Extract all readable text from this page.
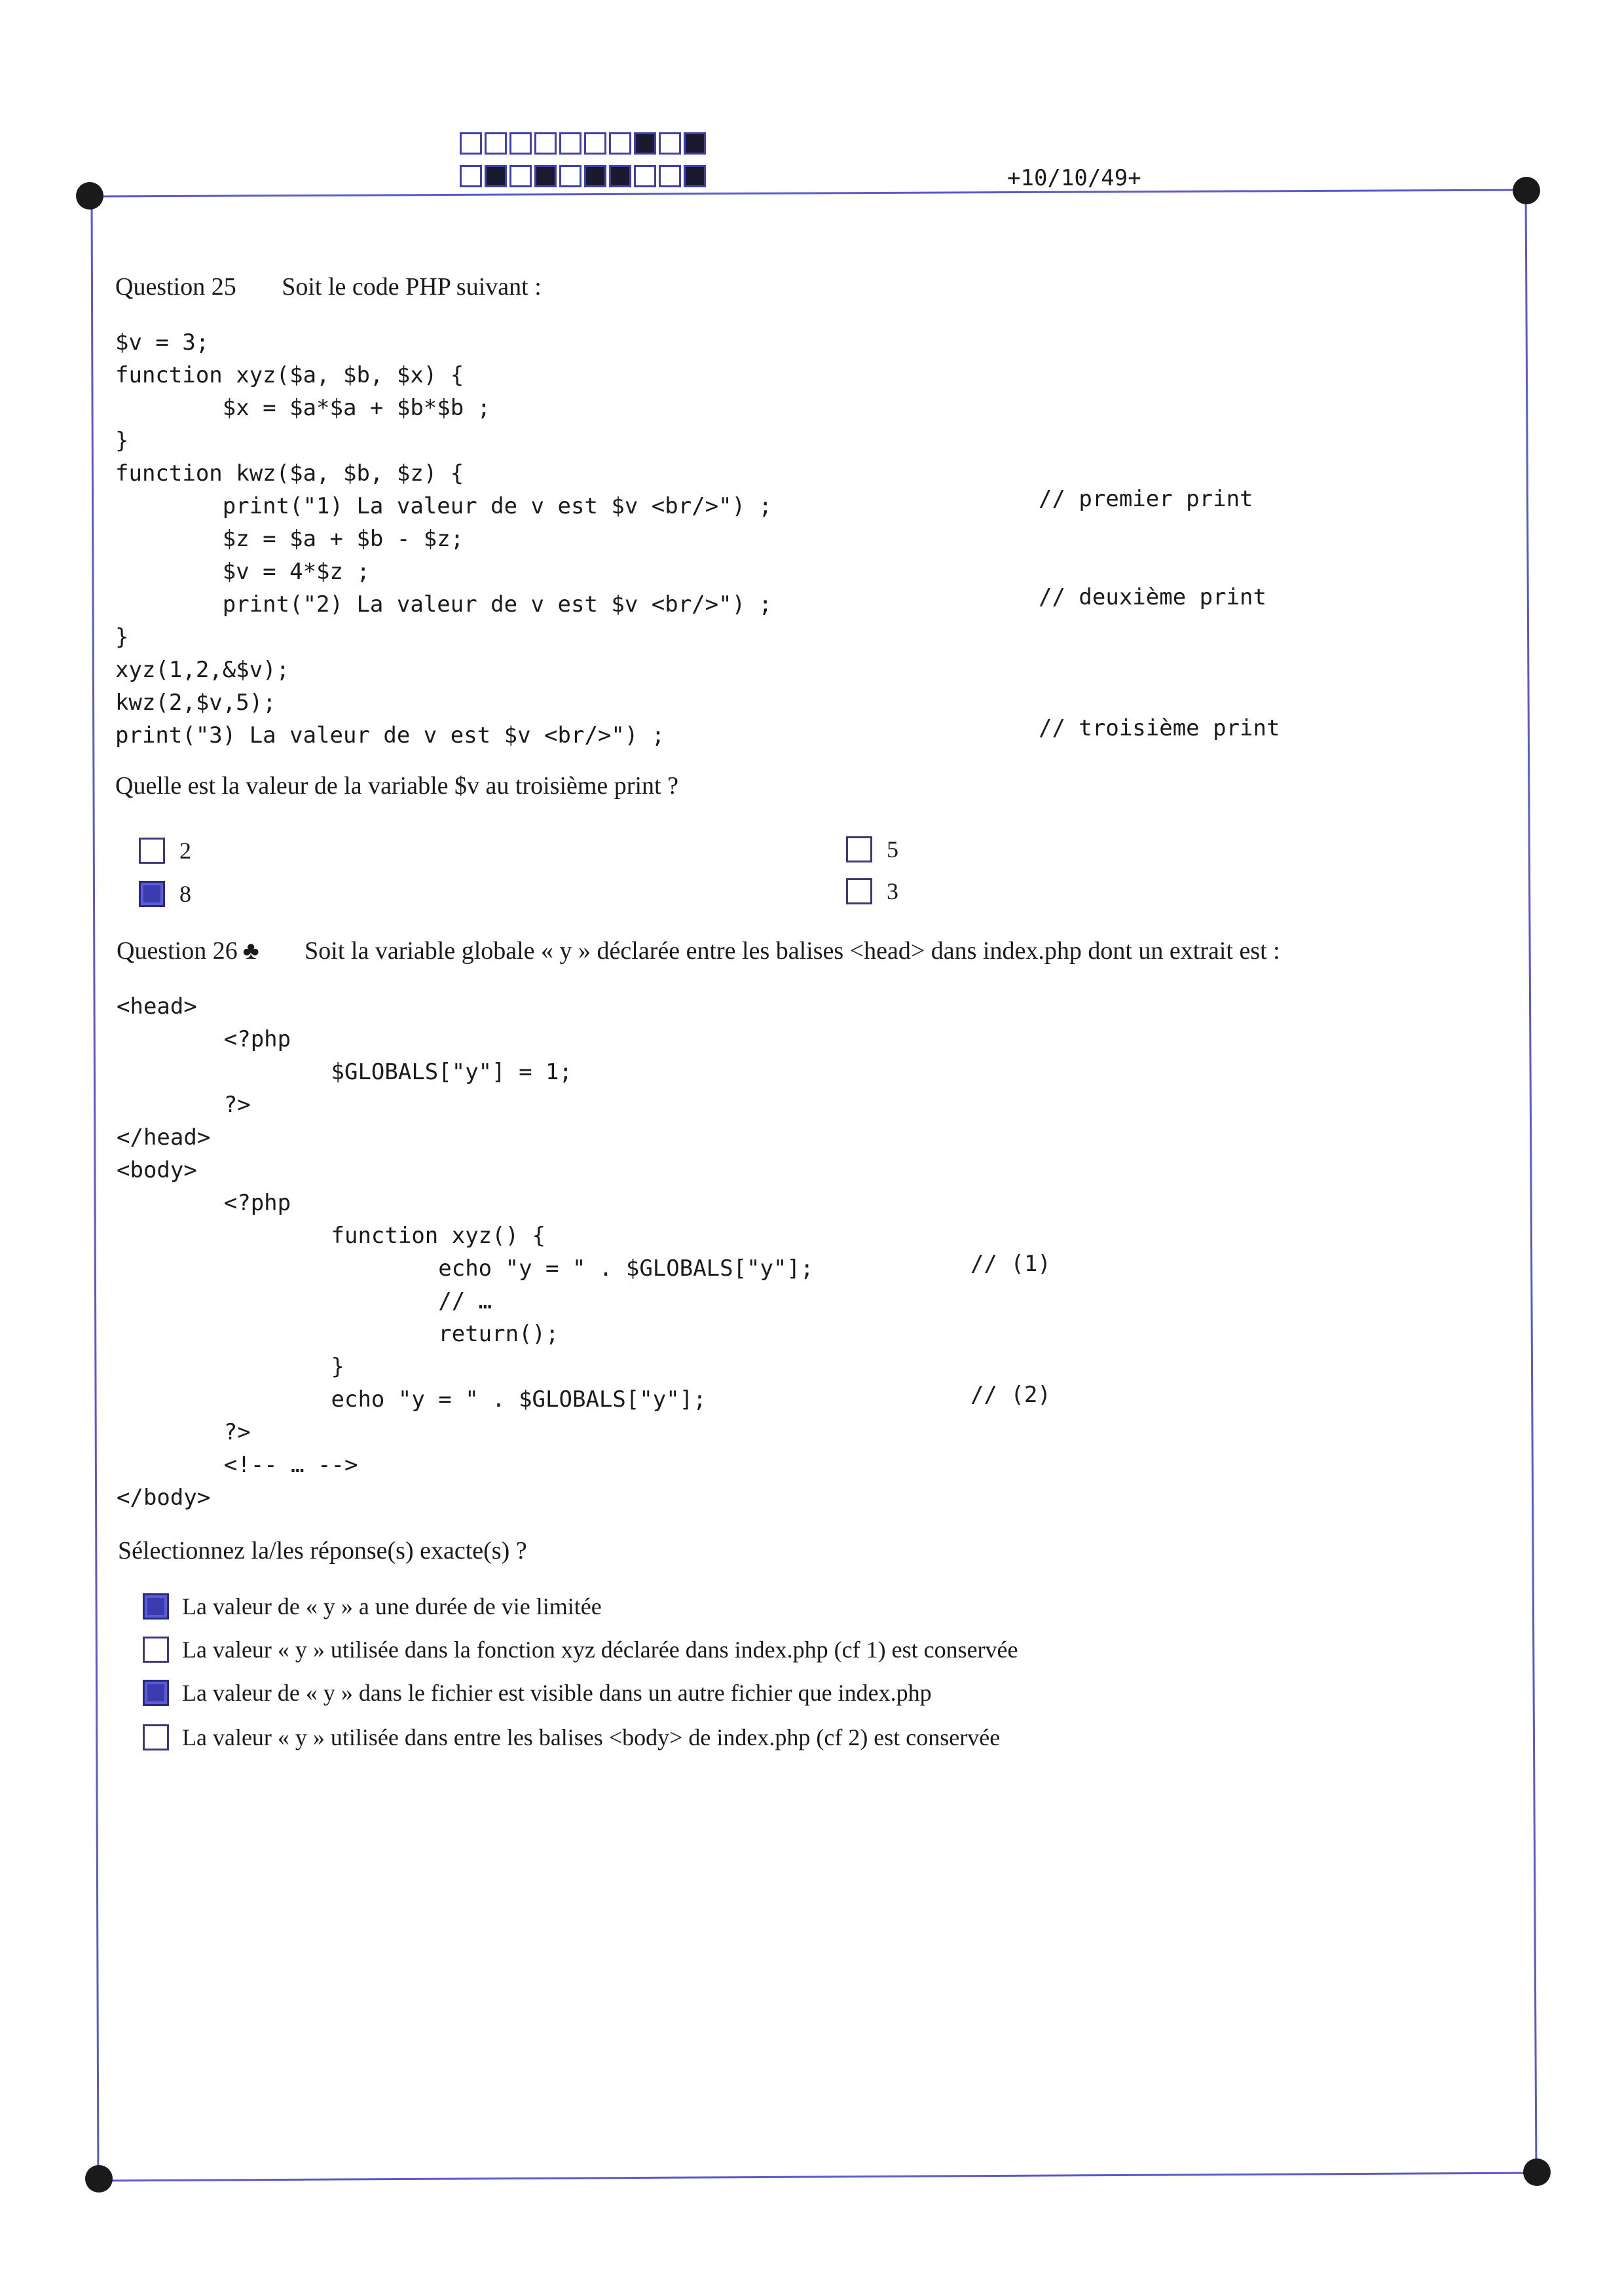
+10/10/49+
Question 25 Soit le code PHP suivant :
$v = 3;
function xyz($a, $b, $x) {
$x = $a*$a + $b*$b ;
}
function kwz($a, $b, $z) {
print("1) La valeur de v est $v <br/>") ;
$z = $a + $b - $z;
$v = 4*$z ;
print("2) La valeur de v est $v <br/>") ;
}
xyz(1,2,&$v);
kwz(2,$v,5);
print("3) La valeur de v est $v <br/>") ;
// premier print
// deuxième print
// troisième print
Quelle est la valeur de la variable $v au troisième print ?
2
8
5
3
Question 26 ♣ Soit la variable globale « y » déclarée entre les balises <head> dans index.php dont un extrait est :
<head>
<?php
$GLOBALS["y"] = 1;
?>
</head>
<body>
<?php
function xyz() {
echo "y = " . $GLOBALS["y"];
// …
return();
}
echo "y = " . $GLOBALS["y"];
?>
<!-- … -->
</body>
// (1)
// (2)
Sélectionnez la/les réponse(s) exacte(s) ?
La valeur de « y » a une durée de vie limitée
La valeur « y » utilisée dans la fonction xyz déclarée dans index.php (cf 1) est conservée
La valeur de « y » dans le fichier est visible dans un autre fichier que index.php
La valeur « y » utilisée dans entre les balises <body> de index.php (cf 2) est conservée
